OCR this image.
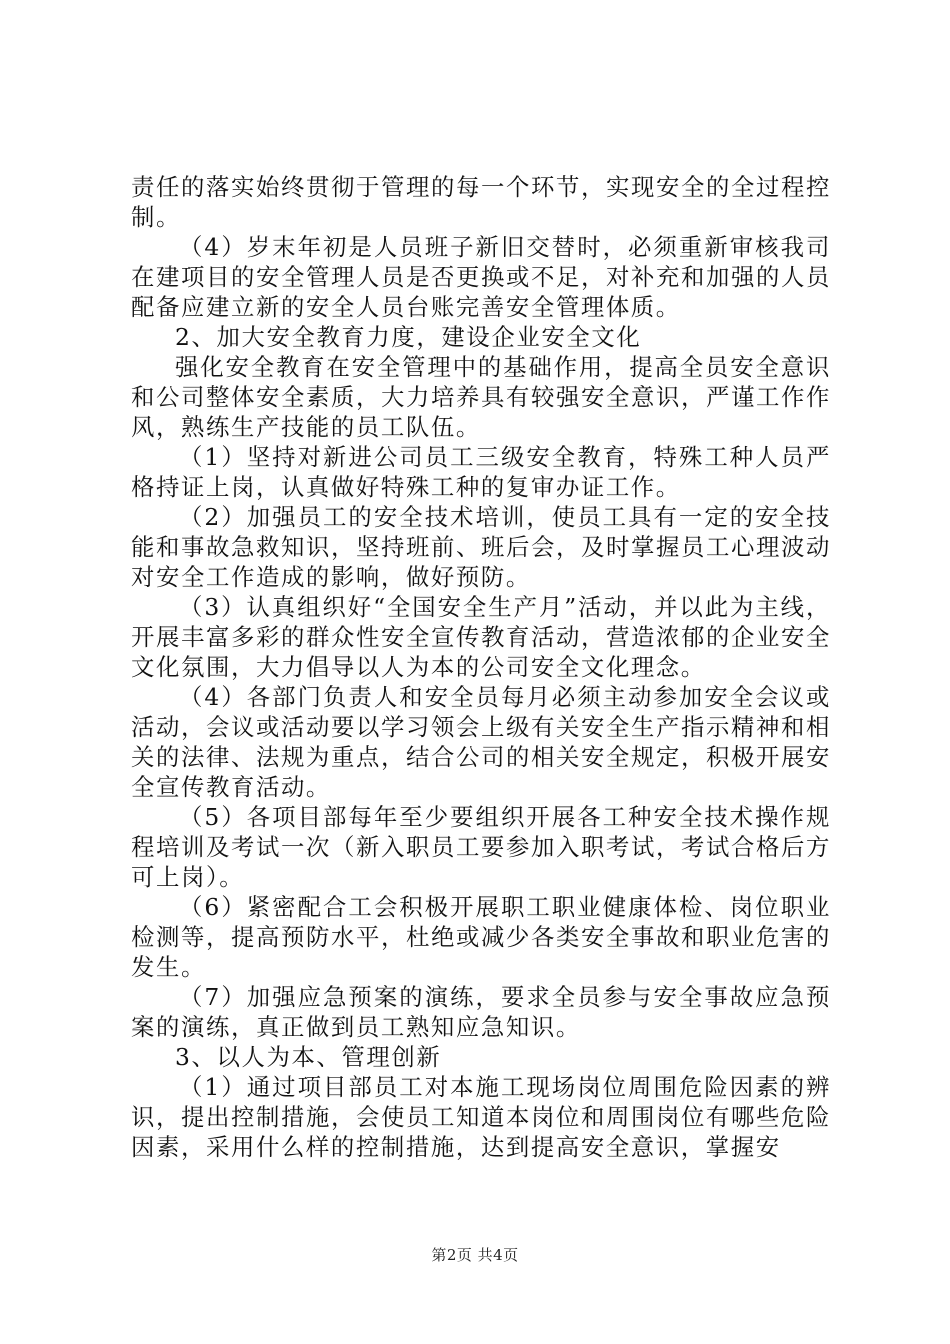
责任的落实始终贯彻于管理的每一个环节，实现安全的全过程控制。

（4）岁末年初是人员班子新旧交替时，必须重新审核我司在建项目的安全管理人员是否更换或不足，对补充和加强的人员配备应建立新的安全人员台账完善安全管理体质。

2、加大安全教育力度，建设企业安全文化

强化安全教育在安全管理中的基础作用，提高全员安全意识和公司整体安全素质，大力培养具有较强安全意识，严谨工作作风，熟练生产技能的员工队伍。

（1）坚持对新进公司员工三级安全教育，特殊工种人员严格持证上岗，认真做好特殊工种的复审办证工作。

（2）加强员工的安全技术培训，使员工具有一定的安全技能和事故急救知识，坚持班前、班后会，及时掌握员工心理波动对安全工作造成的影响，做好预防。

（3）认真组织好“全国安全生产月”活动，并以此为主线，开展丰富多彩的群众性安全宣传教育活动，营造浓郁的企业安全文化氛围，大力倡导以人为本的公司安全文化理念。

（4）各部门负责人和安全员每月必须主动参加安全会议或活动，会议或活动要以学习领会上级有关安全生产指示精神和相关的法律、法规为重点，结合公司的相关安全规定，积极开展安全宣传教育活动。

（5）各项目部每年至少要组织开展各工种安全技术操作规程培训及考试一次（新入职员工要参加入职考试，考试合格后方可上岗）。

（6）紧密配合工会积极开展职工职业健康体检、岗位职业检测等，提高预防水平，杜绝或减少各类安全事故和职业危害的发生。

（7）加强应急预案的演练，要求全员参与安全事故应急预案的演练，真正做到员工熟知应急知识。

3、以人为本、管理创新

（1）通过项目部员工对本施工现场岗位周围危险因素的辨识，提出控制措施，会使员工知道本岗位和周围岗位有哪些危险因素，采用什么样的控制措施，达到提高安全意识，掌握安

第2页 共4页
